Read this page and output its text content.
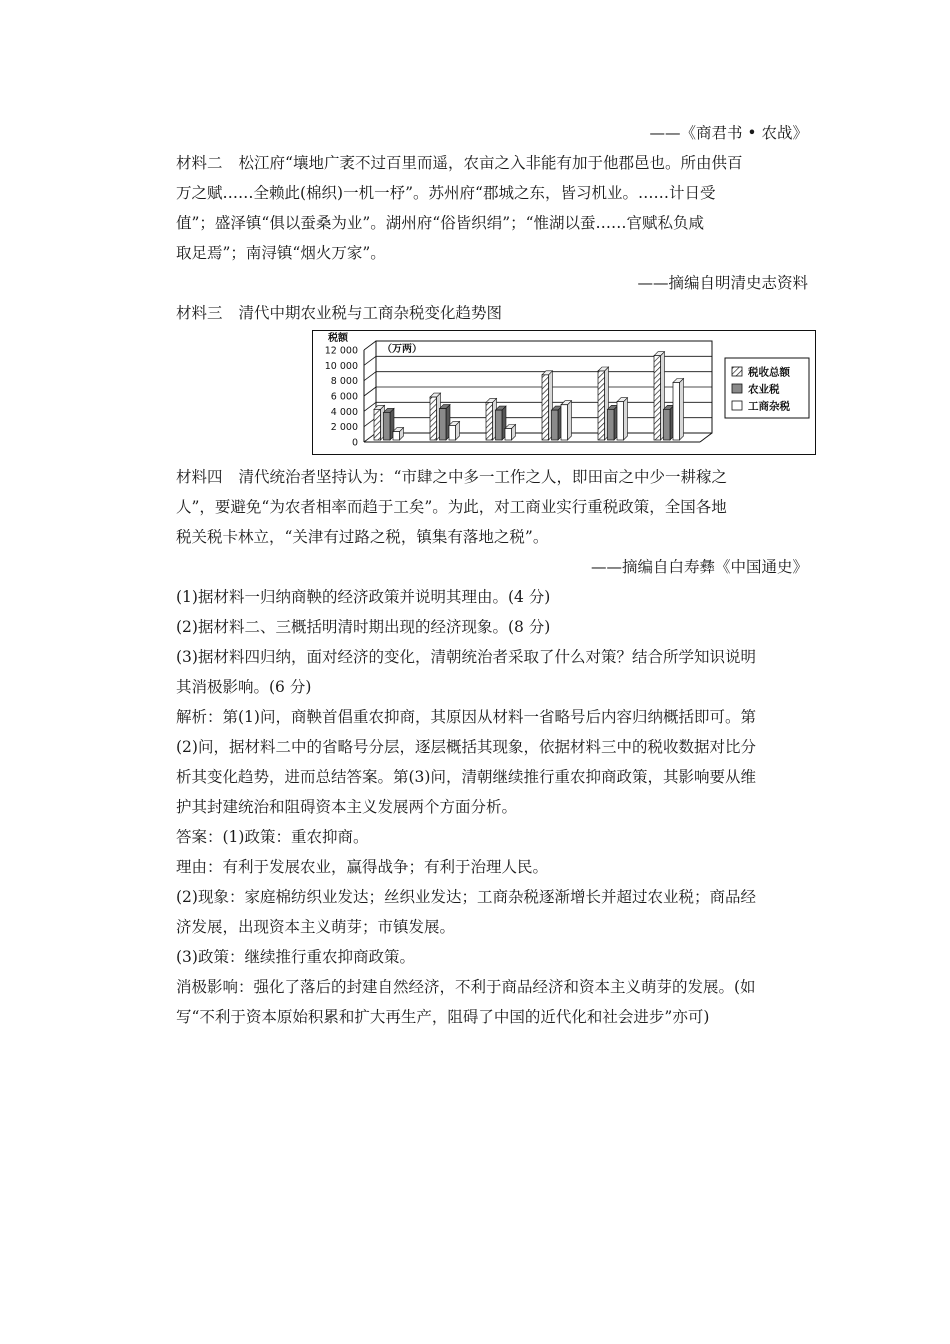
——《商君书 • 农战》
材料二 松江府“壤地广袤不过百里而遥，农亩之入非能有加于他郡邑也。所由供百
万之赋……全赖此(棉织)一机一杼”。苏州府“郡城之东，皆习机业。……计日受
值”；盛泽镇“俱以蚕桑为业”。湖州府“俗皆织绢”；“惟湖以蚕……官赋私负咸
取足焉”；南浔镇“烟火万家”。
——摘编自明清史志资料
材料三 清代中期农业税与工商杂税变化趋势图
税额
（万两）
0
2 000
4 000
6 000
8 000
10 000
12 000
税收总额
农业税
工商杂税
材料四 清代统治者坚持认为：“市肆之中多一工作之人，即田亩之中少一耕稼之
人”，要避免“为农者相率而趋于工矣”。为此，对工商业实行重税政策，全国各地
税关税卡林立，“关津有过路之税，镇集有落地之税”。
——摘编自白寿彝《中国通史》
(1)据材料一归纳商鞅的经济政策并说明其理由。(4 分)
(2)据材料二、三概括明清时期出现的经济现象。(8 分)
(3)据材料四归纳，面对经济的变化，清朝统治者采取了什么对策？结合所学知识说明
其消极影响。(6 分)
解析：第(1)问，商鞅首倡重农抑商，其原因从材料一省略号后内容归纳概括即可。第
(2)问，据材料二中的省略号分层，逐层概括其现象，依据材料三中的税收数据对比分
析其变化趋势，进而总结答案。第(3)问，清朝继续推行重农抑商政策，其影响要从维
护其封建统治和阻碍资本主义发展两个方面分析。
答案：(1)政策：重农抑商。
理由：有利于发展农业，赢得战争；有利于治理人民。
(2)现象：家庭棉纺织业发达；丝织业发达；工商杂税逐渐增长并超过农业税；商品经
济发展，出现资本主义萌芽；市镇发展。
(3)政策：继续推行重农抑商政策。
消极影响：强化了落后的封建自然经济，不利于商品经济和资本主义萌芽的发展。(如
写“不利于资本原始积累和扩大再生产，阻碍了中国的近代化和社会进步”亦可)
